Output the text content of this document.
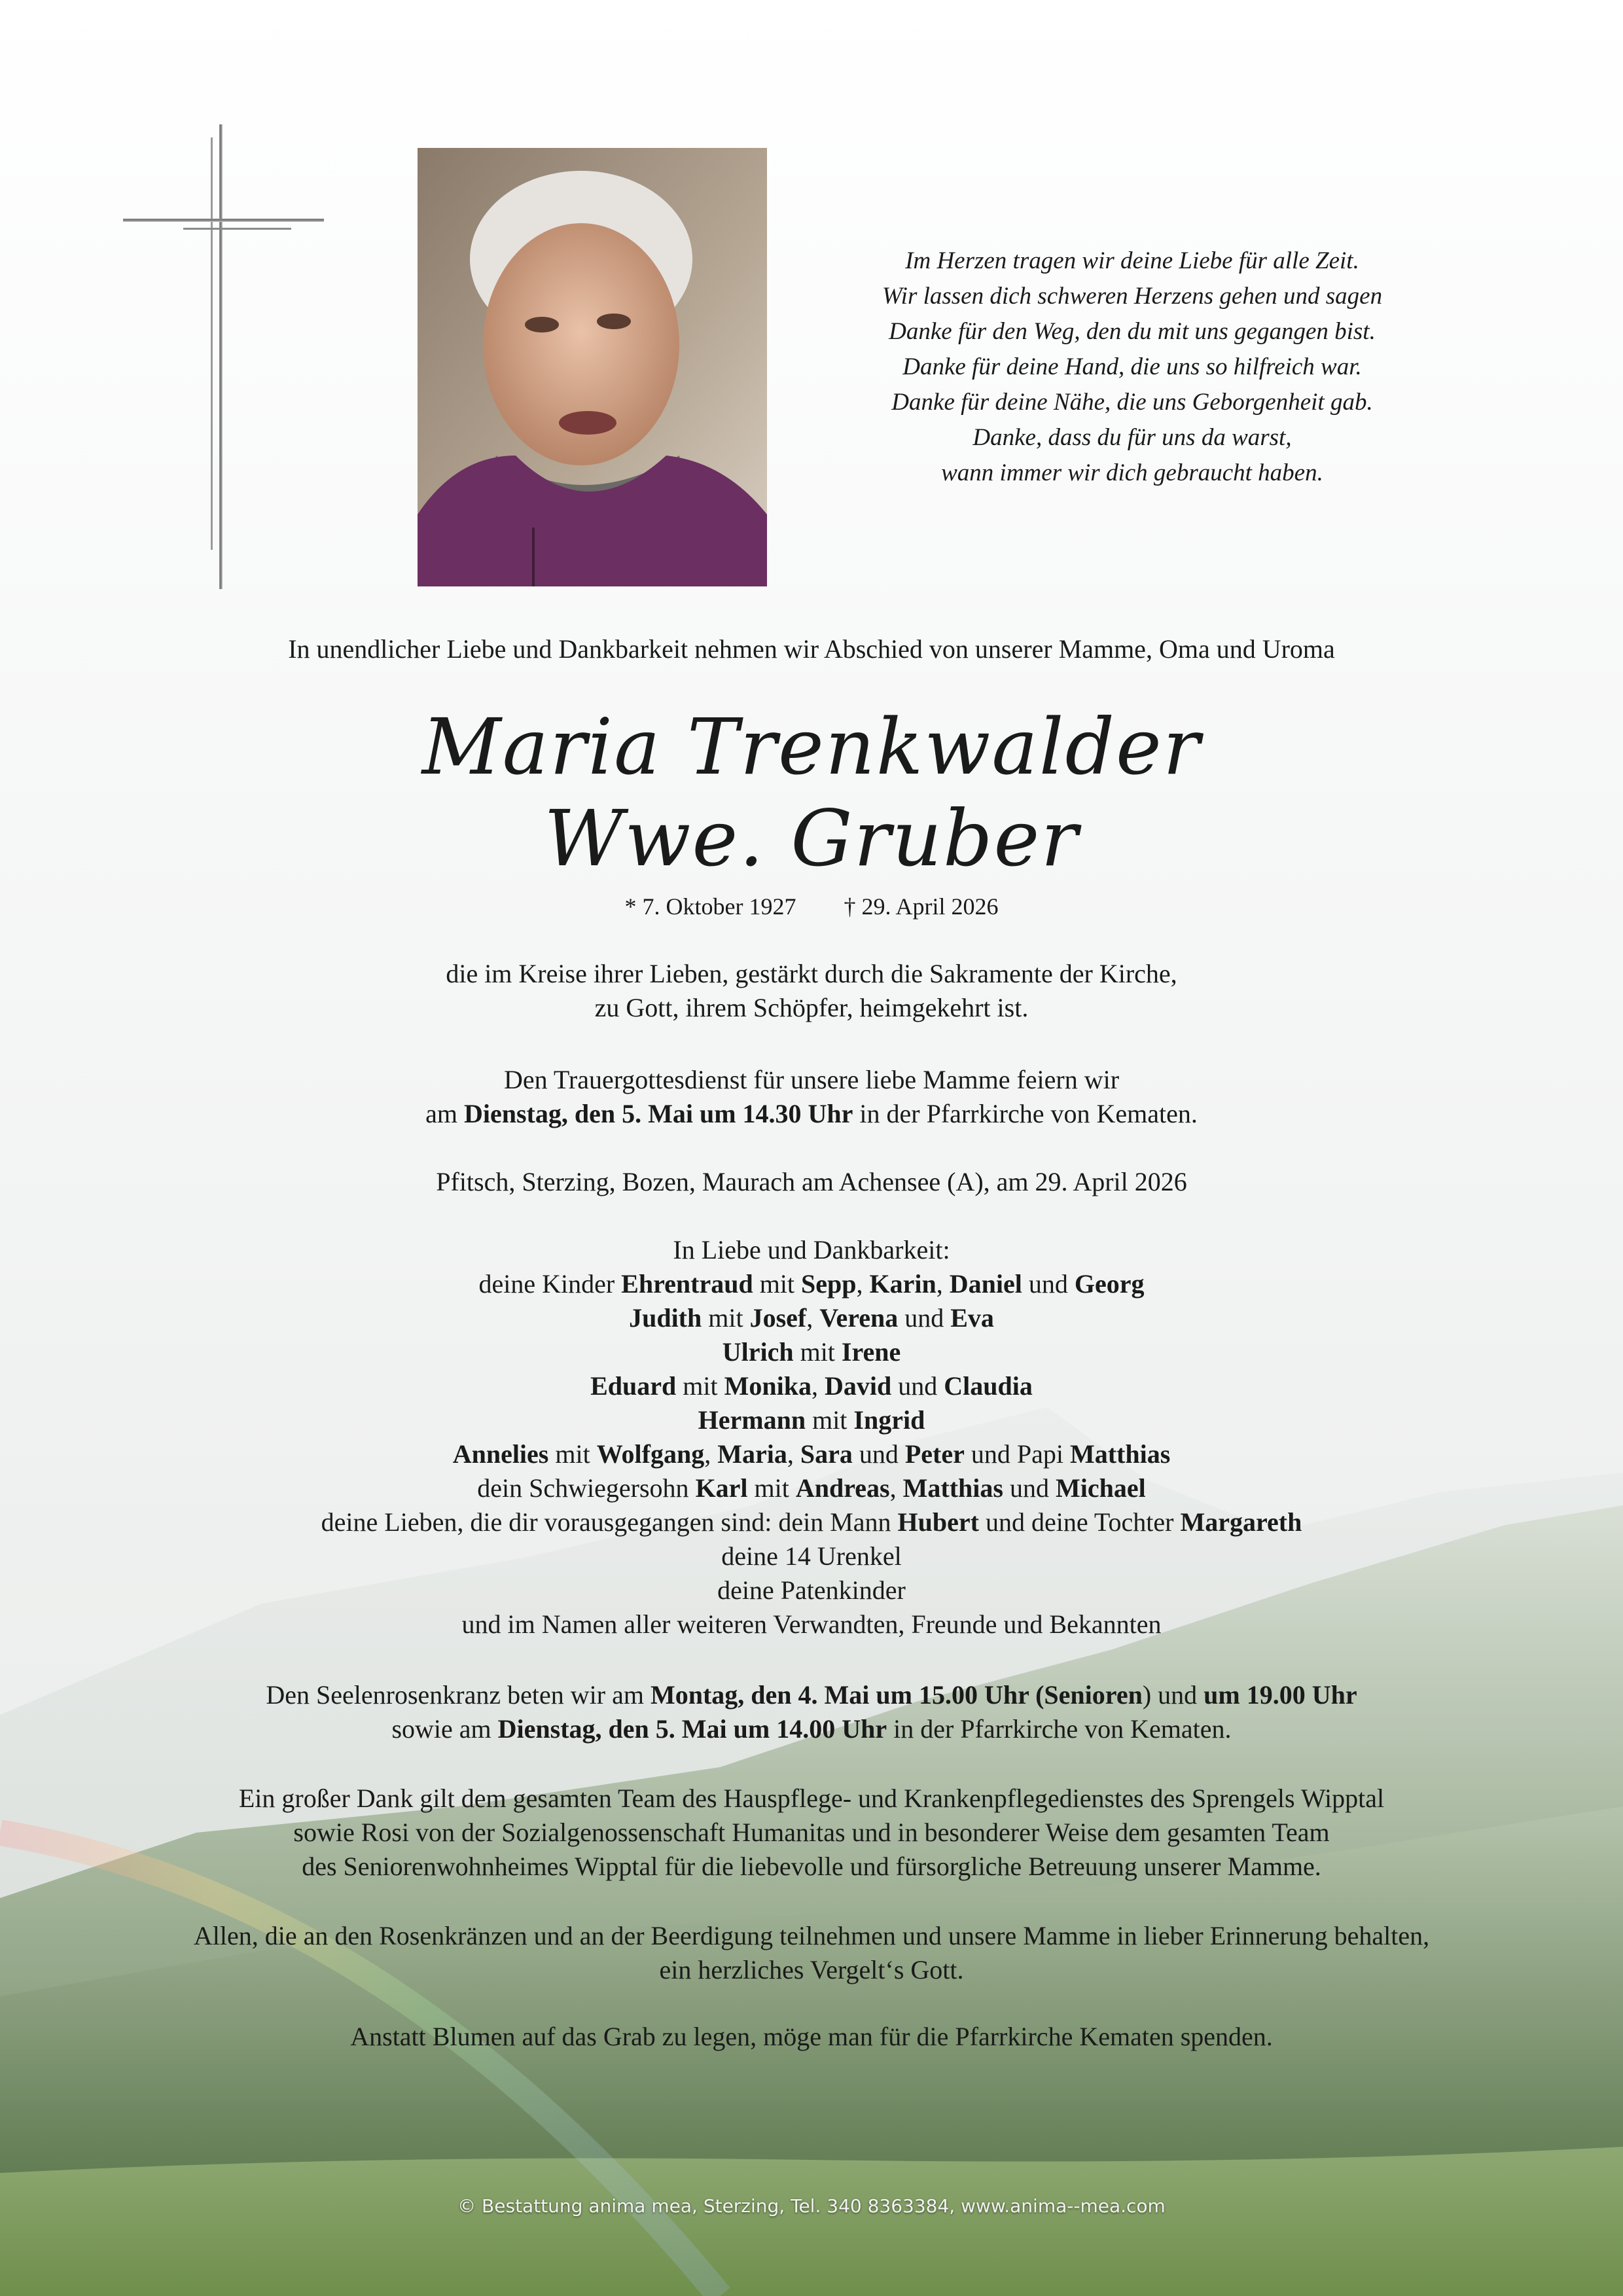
Im Herzen tragen wir deine Liebe für alle Zeit.
Wir lassen dich schweren Herzens gehen und sagen
Danke für den Weg, den du mit uns gegangen bist.
Danke für deine Hand, die uns so hilfreich war.
Danke für deine Nähe, die uns Geborgenheit gab.
Danke, dass du für uns da warst,
wann immer wir dich gebraucht haben.
In unendlicher Liebe und Dankbarkeit nehmen wir Abschied von unserer Mamme, Oma und Uroma
Maria Trenkwalder
Wwe. Gruber
* 7. Oktober 1927 † 29. April 2026
die im Kreise ihrer Lieben, gestärkt durch die Sakramente der Kirche,
zu Gott, ihrem Schöpfer, heimgekehrt ist.
Den Trauergottesdienst für unsere liebe Mamme feiern wir
am Dienstag, den 5. Mai um 14.30 Uhr in der Pfarrkirche von Kematen.
Pfitsch, Sterzing, Bozen, Maurach am Achensee (A), am 29. April 2026
In Liebe und Dankbarkeit:
deine Kinder Ehrentraud mit Sepp, Karin, Daniel und Georg
Judith mit Josef, Verena und Eva
Ulrich mit Irene
Eduard mit Monika, David und Claudia
Hermann mit Ingrid
Annelies mit Wolfgang, Maria, Sara und Peter und Papi Matthias
dein Schwiegersohn Karl mit Andreas, Matthias und Michael
deine Lieben, die dir vorausgegangen sind: dein Mann Hubert und deine Tochter Margareth
deine 14 Urenkel
deine Patenkinder
und im Namen aller weiteren Verwandten, Freunde und Bekannten
Den Seelenrosenkranz beten wir am Montag, den 4. Mai um 15.00 Uhr (Senioren) und um 19.00 Uhr
sowie am Dienstag, den 5. Mai um 14.00 Uhr in der Pfarrkirche von Kematen.
Ein großer Dank gilt dem gesamten Team des Hauspflege- und Krankenpflegedienstes des Sprengels Wipptal
sowie Rosi von der Sozialgenossenschaft Humanitas und in besonderer Weise dem gesamten Team
des Seniorenwohnheimes Wipptal für die liebevolle und fürsorgliche Betreuung unserer Mamme.
Allen, die an den Rosenkränzen und an der Beerdigung teilnehmen und unsere Mamme in lieber Erinnerung behalten,
ein herzliches Vergelt‘s Gott.
Anstatt Blumen auf das Grab zu legen, möge man für die Pfarrkirche Kematen spenden.
© Bestattung anima mea, Sterzing, Tel. 340 8363384, www.anima--mea.com
